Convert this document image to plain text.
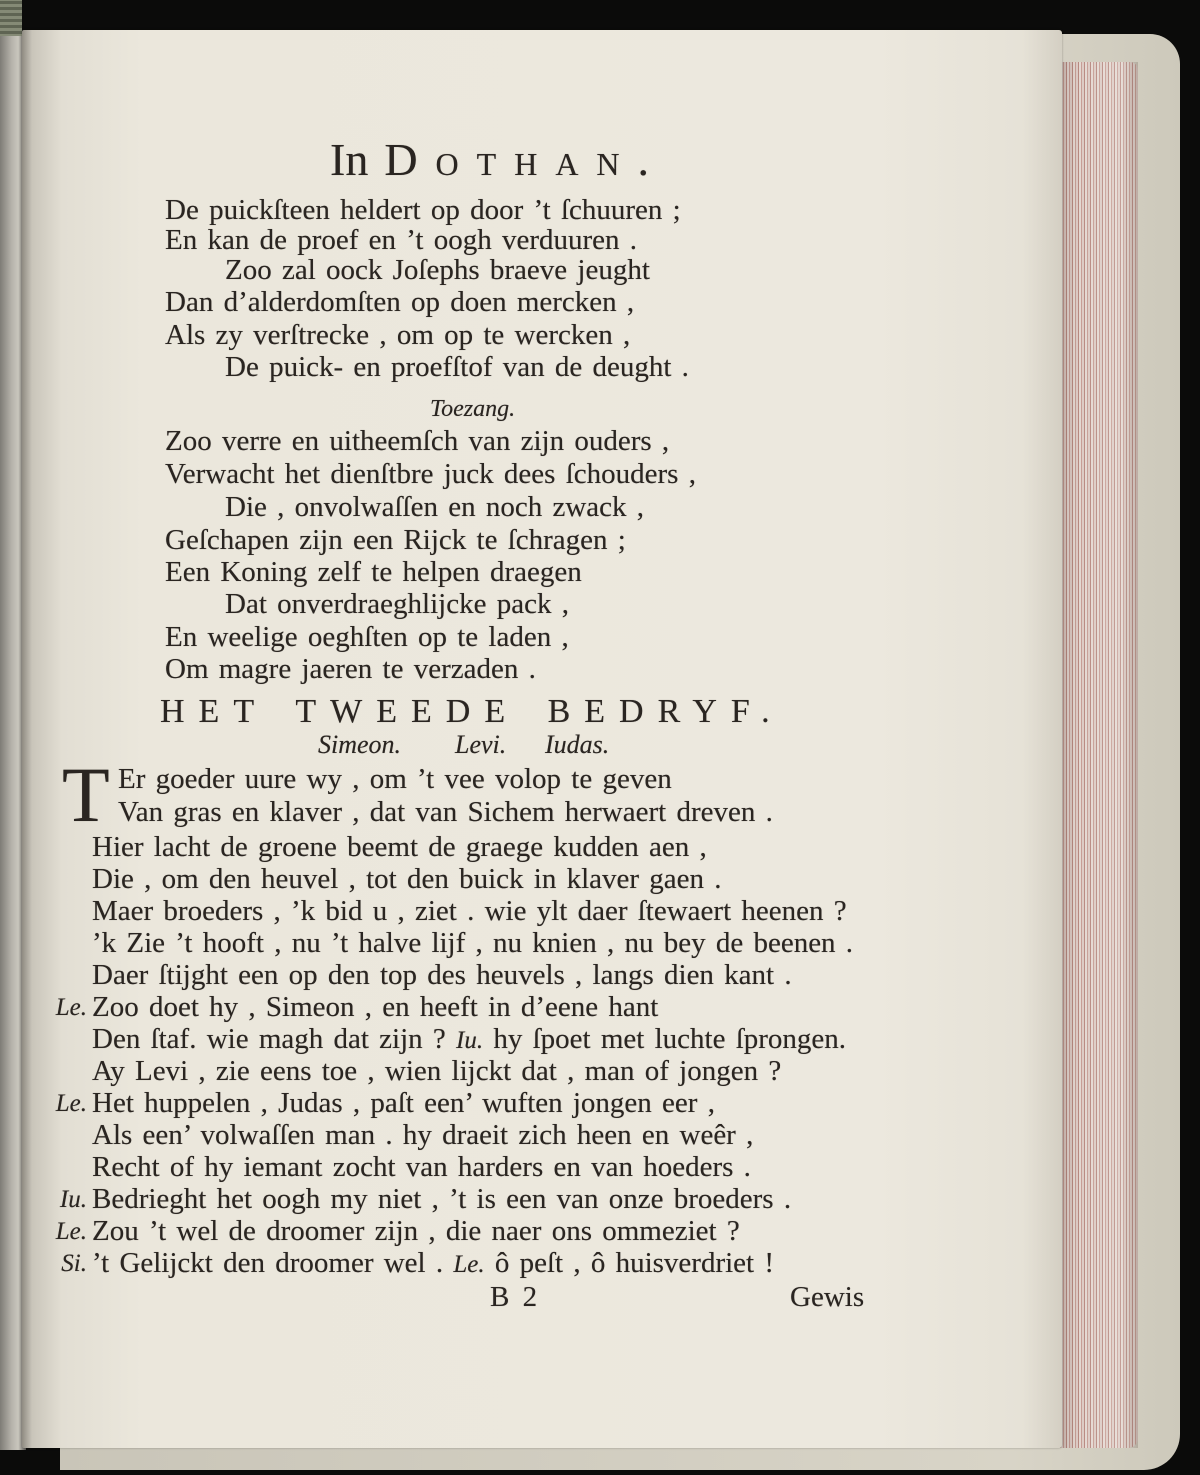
In Dothan.
De puickſteen heldert op door ’t ſchuuren ;
En kan de proef en ’t oogh verduuren .
Zoo zal oock Joſephs braeve jeught
Dan d’alderdomſten op doen mercken ,
Als zy verſtrecke , om op te wercken ,
De puick- en proefſtof van de deught .
Toezang.
Zoo verre en uitheemſch van zijn ouders ,
Verwacht het dienſtbre juck dees ſchouders ,
Die , onvolwaſſen en noch zwack ,
Geſchapen zijn een Rijck te ſchragen ;
Een Koning zelf te helpen draegen
Dat onverdraeghlijcke pack ,
En weelige oeghſten op te laden ,
Om magre jaeren te verzaden .
HET TWEEDE BEDRYF.
Simeon. Levi. Iudas.
T Er goeder uure wy , om ’t vee volop te geven
Van gras en klaver , dat van Sichem herwaert dreven .
Hier lacht de groene beemt de graege kudden aen ,
Die , om den heuvel , tot den buick in klaver gaen .
Maer broeders , ’k bid u , ziet . wie ylt daer ſtewaert heenen ?
’k Zie ’t hooft , nu ’t halve lijf , nu knien , nu bey de beenen .
Daer ſtijght een op den top des heuvels , langs dien kant .
Le. Zoo doet hy , Simeon , en heeft in d’eene hant
Den ſtaf. wie magh dat zijn ? Iu. hy ſpoet met luchte ſprongen.
Ay Levi , zie eens toe , wien lijckt dat , man of jongen ?
Le. Het huppelen , Judas , paſt een’ wuften jongen eer ,
Als een’ volwaſſen man . hy draeit zich heen en weêr ,
Recht of hy iemant zocht van harders en van hoeders .
Iu. Bedrieght het oogh my niet , ’t is een van onze broeders .
Le. Zou ’t wel de droomer zijn , die naer ons ommeziet ?
Si. ’t Gelijckt den droomer wel . Le. ô peſt , ô huisverdriet !
B 2	Gewis
